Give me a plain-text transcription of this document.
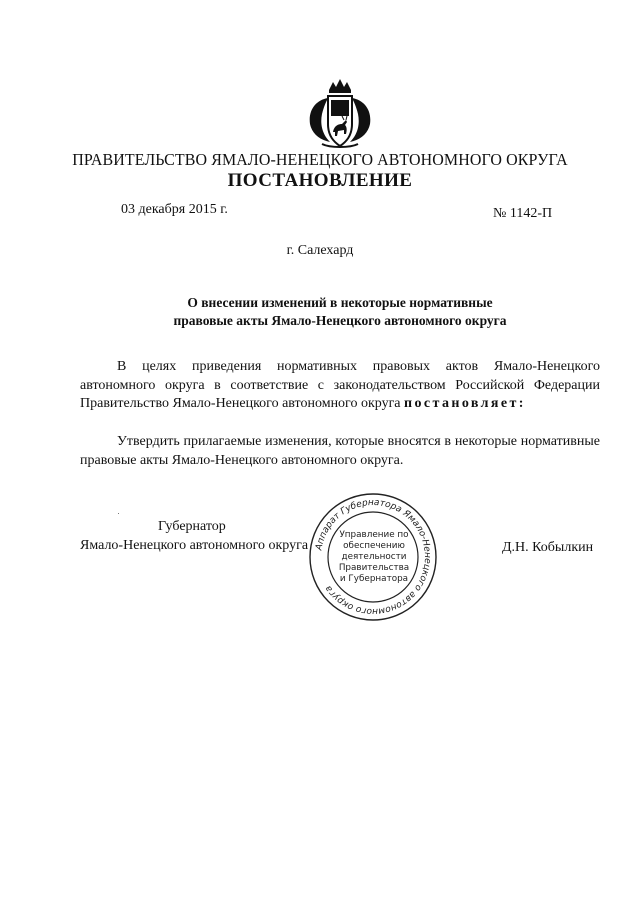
ПРАВИТЕЛЬСТВО ЯМАЛО-НЕНЕЦКОГО АВТОНОМНОГО ОКРУГА
ПОСТАНОВЛЕНИЕ
03 декабря 2015 г.	№ 1142-П
г. Салехард
О внесении изменений в некоторые нормативные
правовые акты Ямало-Ненецкого автономного округа
В целях приведения нормативных правовых актов Ямало-Ненецкого автономного округа в соответствие с законодательством Российской Федерации Правительство Ямало-Ненецкого автономного округа постановляет:
Утвердить прилагаемые изменения, которые вносятся в некоторые нормативные правовые акты Ямало-Ненецкого автономного округа.
Губернатор
Ямало-Ненецкого автономного округа	Д.Н. Кобылкин
Аппарат Губернатора Ямало-Ненецкого автономного округа
Управление по
обеспечению
деятельности
Правительства
и Губернатора
